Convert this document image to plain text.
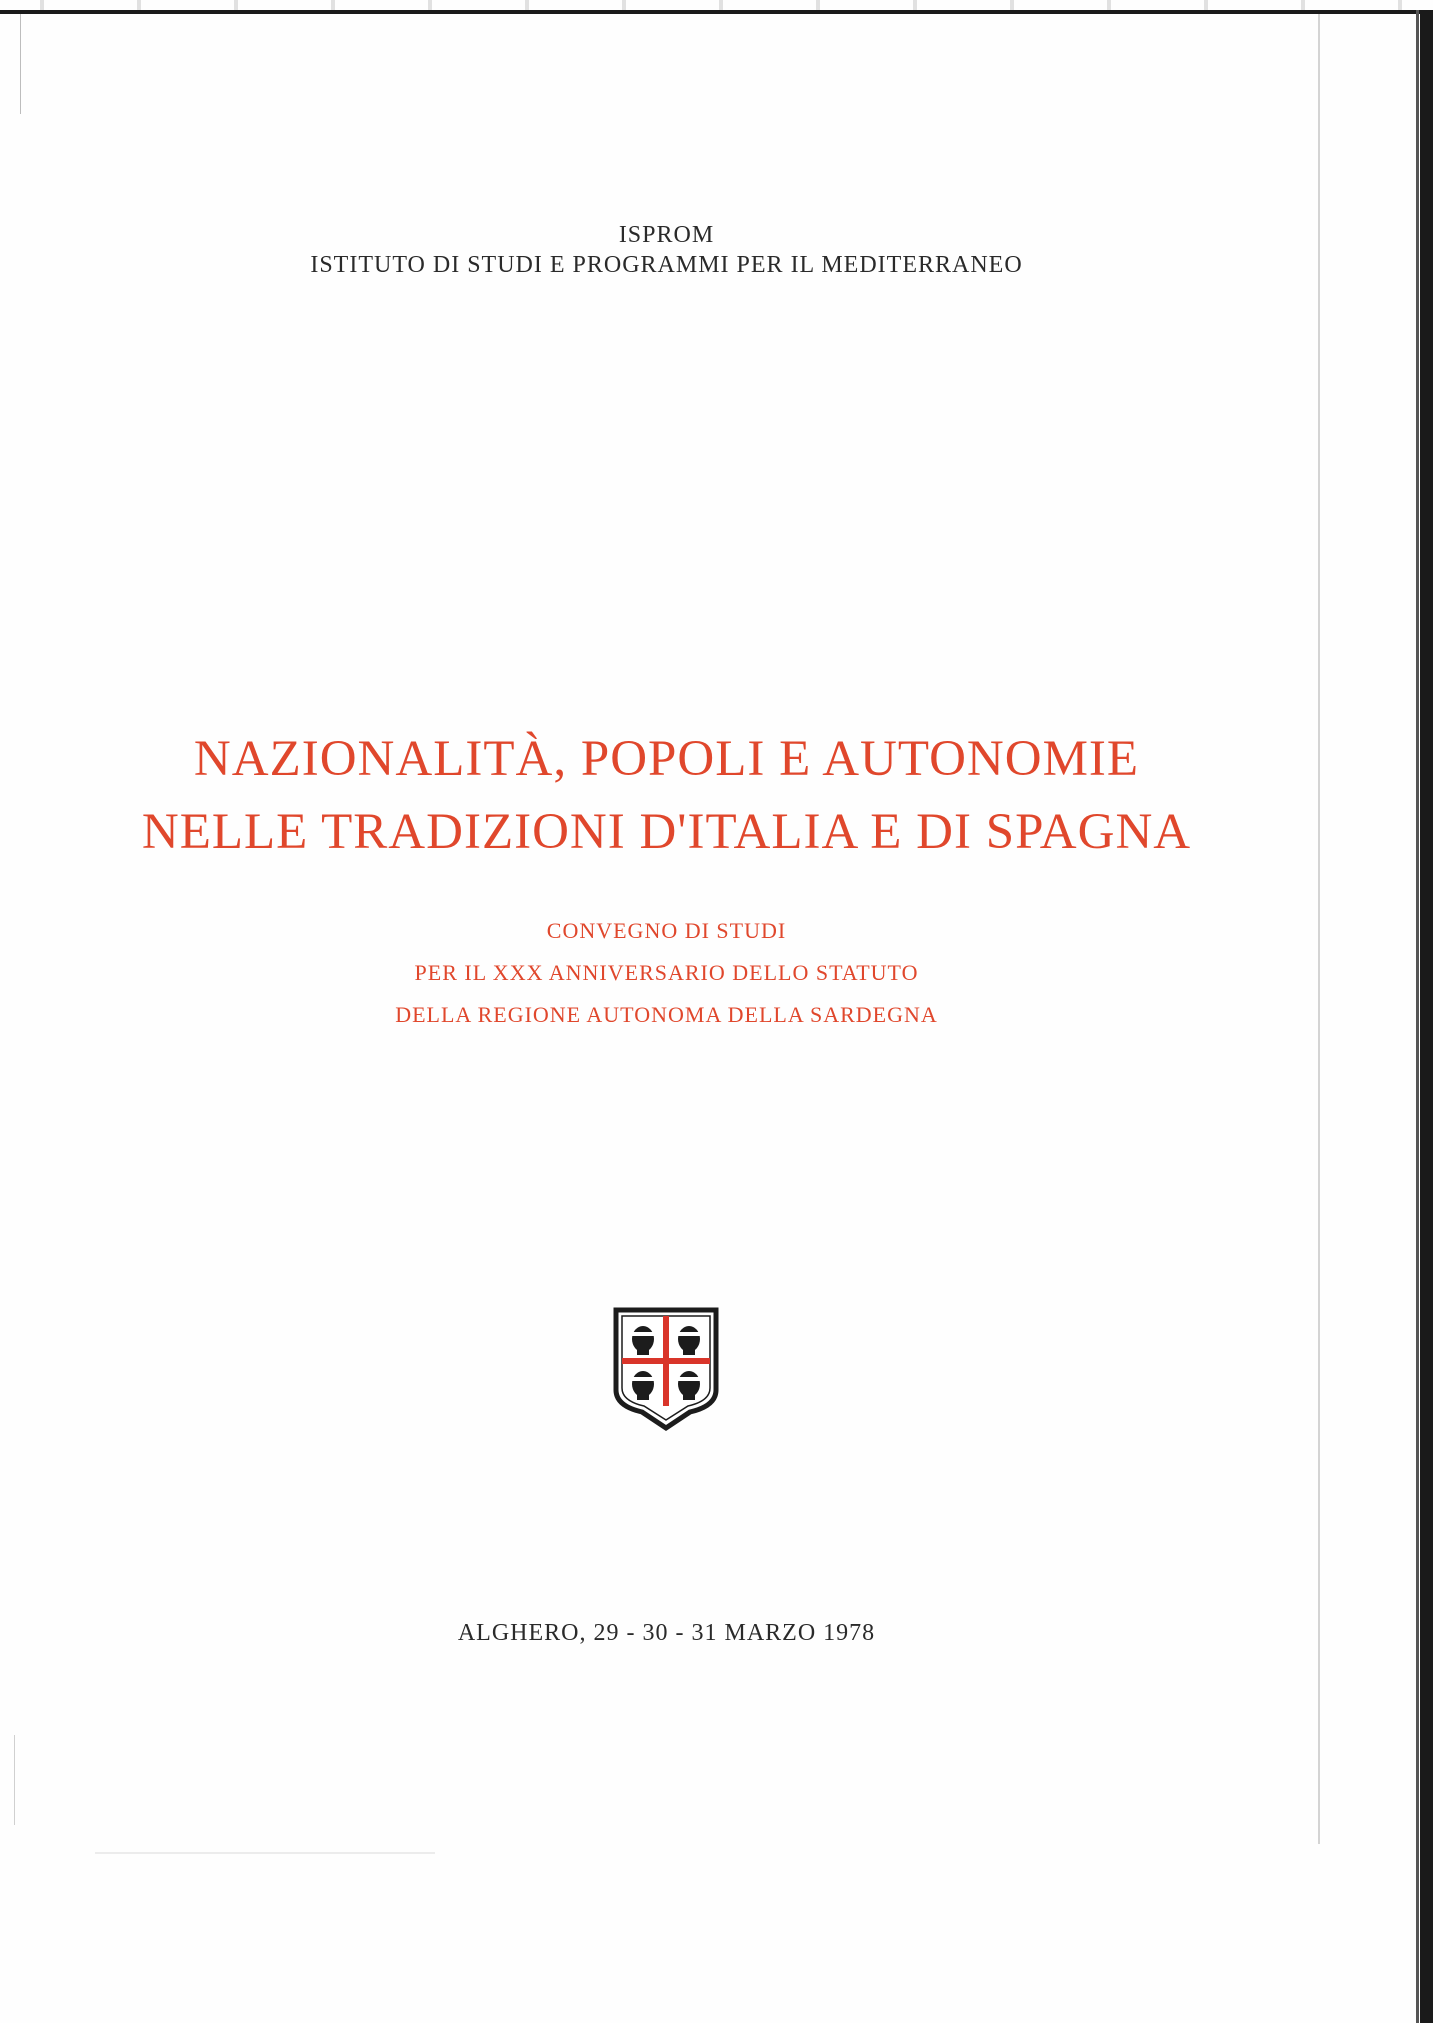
ISPROM
ISTITUTO DI STUDI E PROGRAMMI PER IL MEDITERRANEO
NAZIONALITÀ, POPOLI E AUTONOMIE
NELLE TRADIZIONI D'ITALIA E DI SPAGNA
CONVEGNO DI STUDI
PER IL XXX ANNIVERSARIO DELLO STATUTO
DELLA REGIONE AUTONOMA DELLA SARDEGNA
ALGHERO, 29 - 30 - 31 MARZO 1978
